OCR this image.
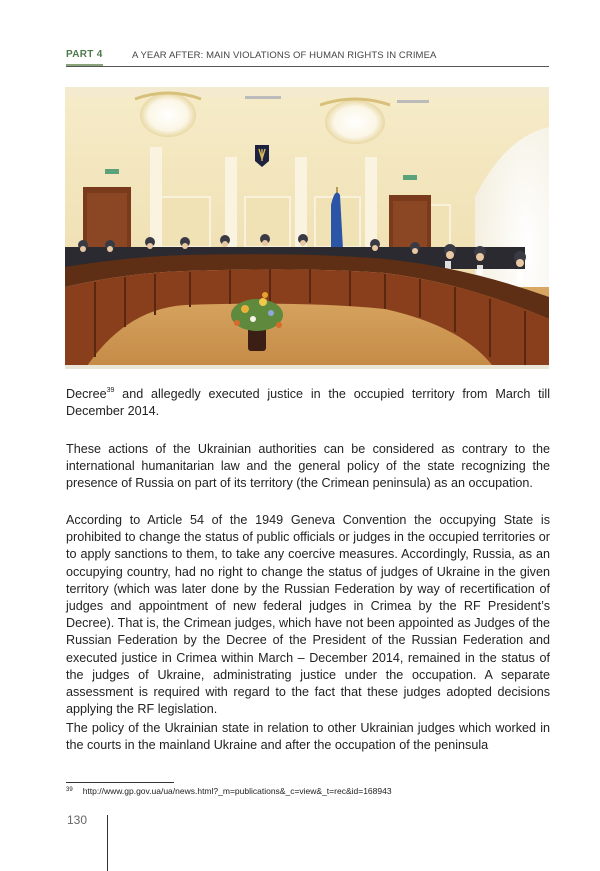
PART 4	A YEAR AFTER: MAIN VIOLATIONS OF HUMAN RIGHTS IN CRIMEA

Decree$^{39}$ and allegedly executed justice in the occupied territory from March till December 2014.

These actions of the Ukrainian authorities can be considered as contrary to the international humanitarian law and the general policy of the state recognizing the presence of Russia on part of its territory (the Crimean peninsula) as an occupation.

According to Article 54 of the 1949 Geneva Convention the occupying State is prohibited to change the status of public officials or judges in the occupied territories or to apply sanctions to them, to take any coercive measures. Accordingly, Russia, as an occupying country, had no right to change the status of judges of Ukraine in the given territory (which was later done by the Russian Federation by way of recertification of judges and appointment of new federal judges in Crimea by the RF President’s Decree). That is, the Crimean judges, which have not been appointed as Judges of the Russian Federation by the Decree of the President of the Russian Federation and executed justice in Crimea within March – December 2014, remained in the status of the judges of Ukraine, administrating justice under the occupation. A separate assessment is required with regard to the fact that these judges adopted decisions applying the RF legislation.

The policy of the Ukrainian state in relation to other Ukrainian judges which worked in the courts in the mainland Ukraine and after the occupation of the peninsula

$^{39}$ http://www.gp.gov.ua/ua/news.html?_m=publications&_c=view&_t=rec&id=168943
130
